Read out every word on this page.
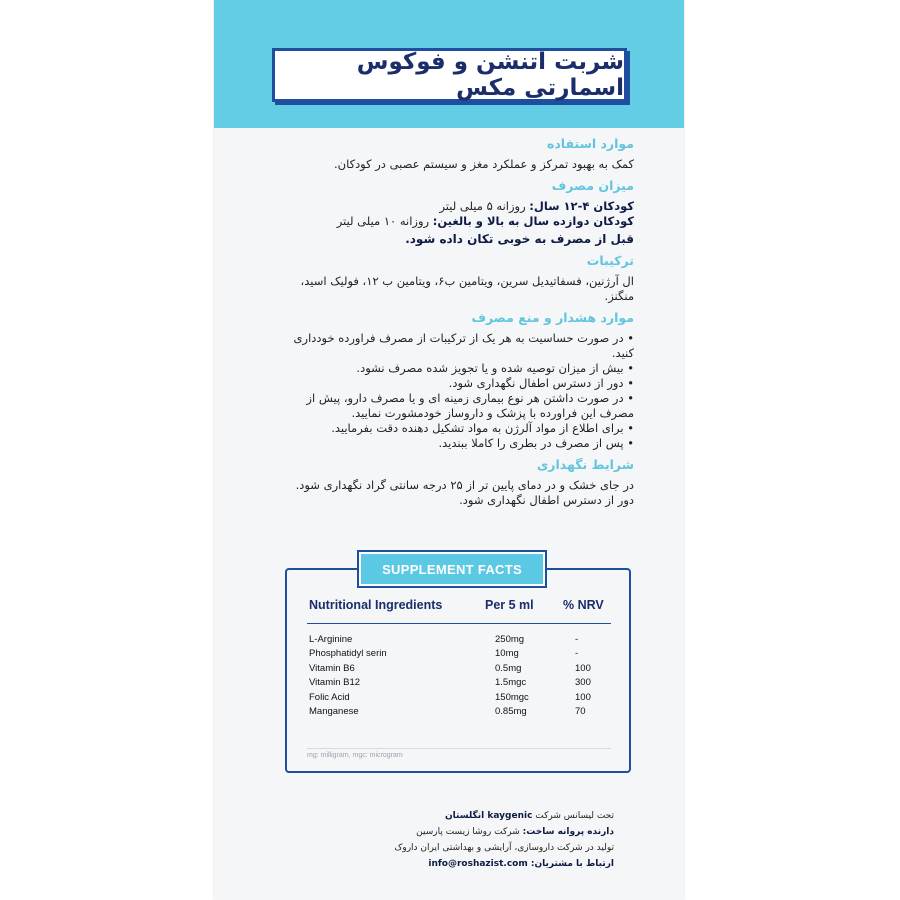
شربت اتنشن و فوکوس اسمارتی مکس
موارد استفاده
کمک به بهبود تمرکز و عملکرد مغز و سیستم عصبی در کودکان.
میزان مصرف
کودکان ۴-۱۲ سال: روزانه ۵ میلی لیتر
کودکان دوازده سال به بالا و بالغین: روزانه ۱۰ میلی لیتر
قبل از مصرف به خوبی تکان داده شود.
ترکیبات
ال آرژنین، فسفاتیدیل سرین، ویتامین ب۶، ویتامین ب ۱۲، فولیک اسید، منگنز.
موارد هشدار و منع مصرف
• در صورت حساسیت به هر یک از ترکیبات از مصرف فراورده خودداری کنید.
• بیش از میزان توصیه شده و یا تجویز شده مصرف نشود.
• دور از دسترس اطفال نگهداری شود.
• در صورت داشتن هر نوع بیماری زمینه ای و یا مصرف دارو، پیش از مصرف این فراورده با پزشک و داروساز خودمشورت نمایید.
• برای اطلاع از مواد آلرژن به مواد تشکیل دهنده دقت بفرمایید.
• پس از مصرف در بطری را کاملا ببندید.
شرایط نگهداری
در جای خشک و در دمای پایین تر از ۲۵ درجه سانتی گراد نگهداری شود.
دور از دسترس اطفال نگهداری شود.
Nutritional Ingredients	Per 5 ml % NRV
L-Arginine	250mg	-
Phosphatidyl serin	10mg	-
Vitamin B6	0.5mg	100
Vitamin B12	1.5mgc	300
Folic Acid	150mgc	100
Manganese	0.85mg	70
mg: milligram, mgc: microgram
SUPPLEMENT FACTS
تحت لیسانس شرکت kaygenic انگلستان
دارنده پروانه ساخت: شرکت روشا زیست پارسین
تولید در شرکت داروسازی، آرایشی و بهداشتی ایران داروک
ارتباط با مشتریان: info@roshazist.com
